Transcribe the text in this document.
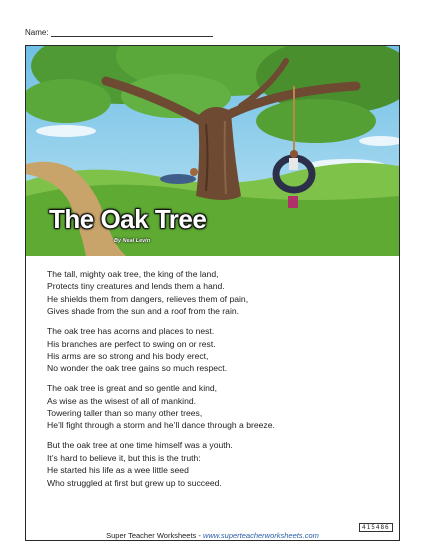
Name:
The Oak Tree
By Neal Levin

The tall, mighty oak tree, the king of the land,
Protects tiny creatures and lends them a hand.
He shields them from dangers, relieves them of pain,
Gives shade from the sun and a roof from the rain.

The oak tree has acorns and places to nest.
His branches are perfect to swing on or rest.
His arms are so strong and his body erect,
No wonder the oak tree gains so much respect.

The oak tree is great and so gentle and kind,
As wise as the wisest of all of mankind.
Towering taller than so many other trees,
He’ll fight through a storm and he’ll dance through a breeze.

But the oak tree at one time himself was a youth.
It’s hard to believe it, but this is the truth:
He started his life as a wee little seed
Who struggled at first but grew up to succeed.

415486
Super Teacher Worksheets - www.superteacherworksheets.com
